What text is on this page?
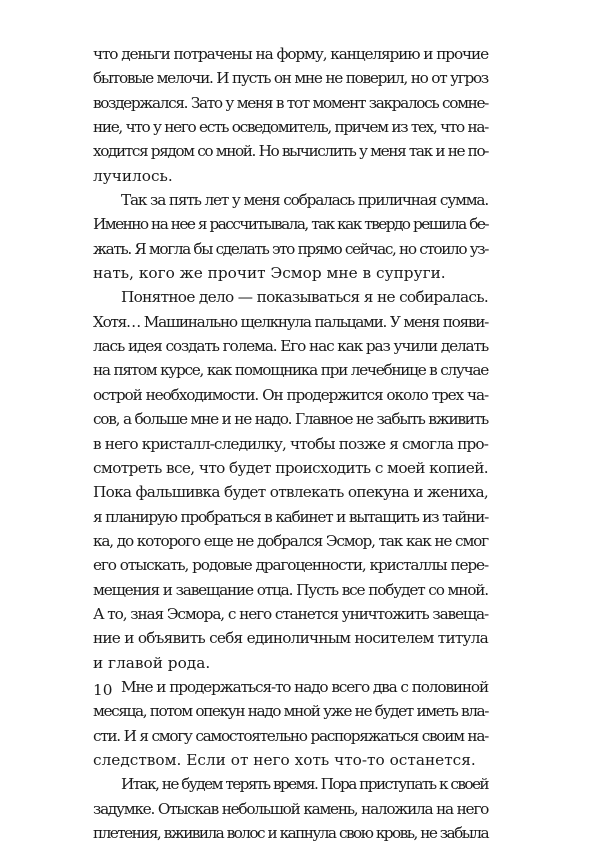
что деньги потрачены на форму, канцелярию и прочие
бытовые мелочи. И пусть он мне не поверил, но от угроз
воздержался. Зато у меня в тот момент закралось сомне-
ние, что у него есть осведомитель, причем из тех, что на-
ходится рядом со мной. Но вычислить у меня так и не по-
лучилось.
Так за пять лет у меня собралась приличная сумма.
Именно на нее я рассчитывала, так как твердо решила бе-
жать. Я могла бы сделать это прямо сейчас, но стоило уз-
нать, кого же прочит Эсмор мне в супруги.
Понятное дело — показываться я не собиралась.
Хотя… Машинально щелкнула пальцами. У меня появи-
лась идея создать голема. Его нас как раз учили делать
на пятом курсе, как помощника при лечебнице в случае
острой необходимости. Он продержится около трех ча-
сов, а больше мне и не надо. Главное не забыть вживить
в него кристалл-следилку, чтобы позже я смогла про-
смотреть все, что будет происходить с моей копией.
Пока фальшивка будет отвлекать опекуна и жениха,
я планирую пробраться в кабинет и вытащить из тайни-
ка, до которого еще не добрался Эсмор, так как не смог
его отыскать, родовые драгоценности, кристаллы пере-
мещения и завещание отца. Пусть все побудет со мной.
А то, зная Эсмора, с него станется уничтожить завеща-
ние и объявить себя единоличным носителем титула
и главой рода.
Мне и продержаться-то надо всего два с половиной
месяца, потом опекун надо мной уже не будет иметь вла-
сти. И я смогу самостоятельно распоряжаться своим на-
следством. Если от него хоть что-то останется.
Итак, не будем терять время. Пора приступать к своей
задумке. Отыскав небольшой камень, наложила на него
плетения, вживила волос и капнула свою кровь, не забыла
10
